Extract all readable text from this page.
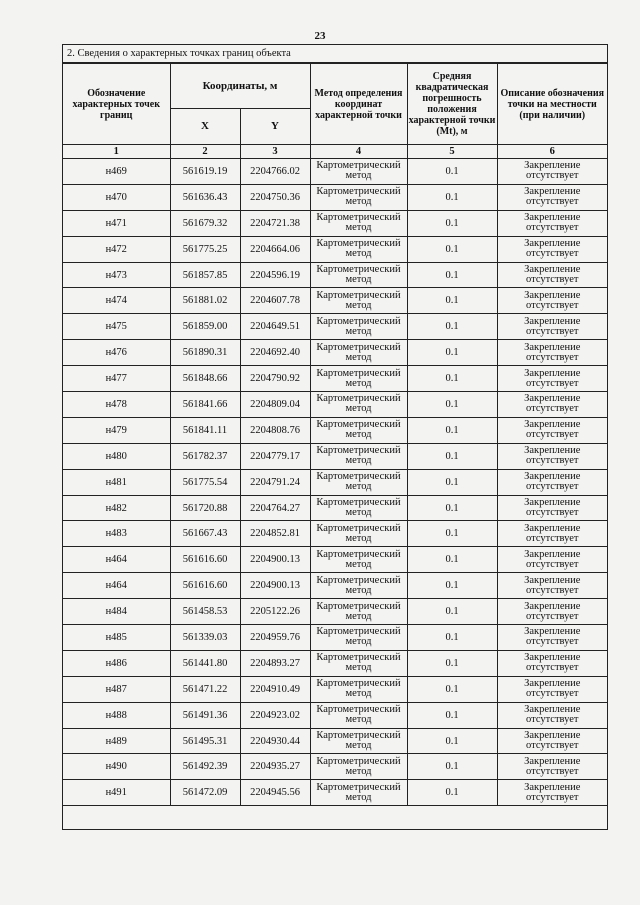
23
2. Сведения о характерных точках границ объекта
Обозначение характерных точек границ	Координаты, м		Метод определения координат характерной точки	Средняя квадратическая погрешность положения характерной точки (Mt), м	Описание обозначения точки на местности (при наличии)
	X	Y			
1	2	3	4	5	6
н469	561619.19	2204766.02	Картометрический метод	0.1	Закрепление отсутствует
н470	561636.43	2204750.36	Картометрический метод	0.1	Закрепление отсутствует
н471	561679.32	2204721.38	Картометрический метод	0.1	Закрепление отсутствует
н472	561775.25	2204664.06	Картометрический метод	0.1	Закрепление отсутствует
н473	561857.85	2204596.19	Картометрический метод	0.1	Закрепление отсутствует
н474	561881.02	2204607.78	Картометрический метод	0.1	Закрепление отсутствует
н475	561859.00	2204649.51	Картометрический метод	0.1	Закрепление отсутствует
н476	561890.31	2204692.40	Картометрический метод	0.1	Закрепление отсутствует
н477	561848.66	2204790.92	Картометрический метод	0.1	Закрепление отсутствует
н478	561841.66	2204809.04	Картометрический метод	0.1	Закрепление отсутствует
н479	561841.11	2204808.76	Картометрический метод	0.1	Закрепление отсутствует
н480	561782.37	2204779.17	Картометрический метод	0.1	Закрепление отсутствует
н481	561775.54	2204791.24	Картометрический метод	0.1	Закрепление отсутствует
н482	561720.88	2204764.27	Картометрический метод	0.1	Закрепление отсутствует
н483	561667.43	2204852.81	Картометрический метод	0.1	Закрепление отсутствует
н464	561616.60	2204900.13	Картометрический метод	0.1	Закрепление отсутствует
н464	561616.60	2204900.13	Картометрический метод	0.1	Закрепление отсутствует
н484	561458.53	2205122.26	Картометрический метод	0.1	Закрепление отсутствует
н485	561339.03	2204959.76	Картометрический метод	0.1	Закрепление отсутствует
н486	561441.80	2204893.27	Картометрический метод	0.1	Закрепление отсутствует
н487	561471.22	2204910.49	Картометрический метод	0.1	Закрепление отсутствует
н488	561491.36	2204923.02	Картометрический метод	0.1	Закрепление отсутствует
н489	561495.31	2204930.44	Картометрический метод	0.1	Закрепление отсутствует
н490	561492.39	2204935.27	Картометрический метод	0.1	Закрепление отсутствует
н491	561472.09	2204945.56	Картометрический метод	0.1	Закрепление отсутствует
